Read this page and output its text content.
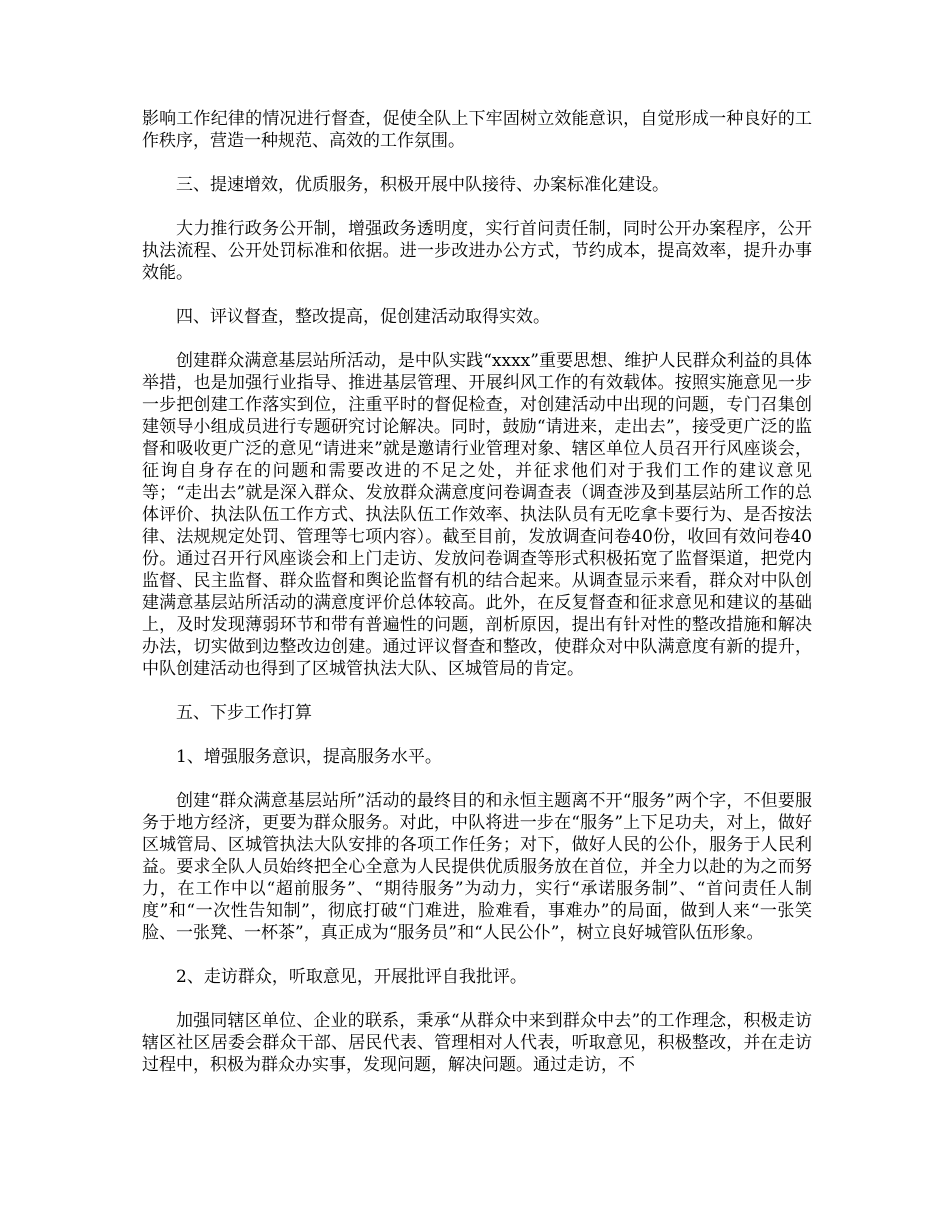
影响工作纪律的情况进行督查，促使全队上下牢固树立效能意识，自觉形成一种良好的工作秩序，营造一种规范、高效的工作氛围。

三、提速增效，优质服务，积极开展中队接待、办案标准化建设。

大力推行政务公开制，增强政务透明度，实行首问责任制，同时公开办案程序，公开执法流程、公开处罚标准和依据。进一步改进办公方式，节约成本，提高效率，提升办事效能。

四、评议督查，整改提高，促创建活动取得实效。

创建群众满意基层站所活动，是中队实践“xxxx”重要思想、维护人民群众利益的具体举措，也是加强行业指导、推进基层管理、开展纠风工作的有效载体。按照实施意见一步一步把创建工作落实到位，注重平时的督促检查，对创建活动中出现的问题，专门召集创建领导小组成员进行专题研究讨论解决。同时，鼓励“请进来，走出去”，接受更广泛的监督和吸收更广泛的意见“请进来”就是邀请行业管理对象、辖区单位人员召开行风座谈会，征询自身存在的问题和需要改进的不足之处，并征求他们对于我们工作的建议意见等；“走出去”就是深入群众、发放群众满意度问卷调查表（调查涉及到基层站所工作的总体评价、执法队伍工作方式、执法队伍工作效率、执法队员有无吃拿卡要行为、是否按法律、法规规定处罚、管理等七项内容）。截至目前，发放调查问卷40份，收回有效问卷40份。通过召开行风座谈会和上门走访、发放问卷调查等形式积极拓宽了监督渠道，把党内监督、民主监督、群众监督和舆论监督有机的结合起来。从调查显示来看，群众对中队创建满意基层站所活动的满意度评价总体较高。此外，在反复督查和征求意见和建议的基础上，及时发现薄弱环节和带有普遍性的问题，剖析原因，提出有针对性的整改措施和解决办法，切实做到边整改边创建。通过评议督查和整改，使群众对中队满意度有新的提升，中队创建活动也得到了区城管执法大队、区城管局的肯定。

五、下步工作打算

1、增强服务意识，提高服务水平。

创建“群众满意基层站所”活动的最终目的和永恒主题离不开“服务”两个字，不但要服务于地方经济，更要为群众服务。对此，中队将进一步在“服务”上下足功夫，对上，做好区城管局、区城管执法大队安排的各项工作任务；对下，做好人民的公仆，服务于人民利益。要求全队人员始终把全心全意为人民提供优质服务放在首位，并全力以赴的为之而努力，在工作中以“超前服务”、“期待服务”为动力，实行“承诺服务制”、“首问责任人制度”和“一次性告知制”，彻底打破“门难进，脸难看，事难办”的局面，做到人来“一张笑脸、一张凳、一杯茶”，真正成为“服务员”和“人民公仆”，树立良好城管队伍形象。

2、走访群众，听取意见，开展批评自我批评。

加强同辖区单位、企业的联系，秉承“从群众中来到群众中去”的工作理念，积极走访辖区社区居委会群众干部、居民代表、管理相对人代表，听取意见，积极整改，并在走访过程中，积极为群众办实事，发现问题，解决问题。通过走访，不
